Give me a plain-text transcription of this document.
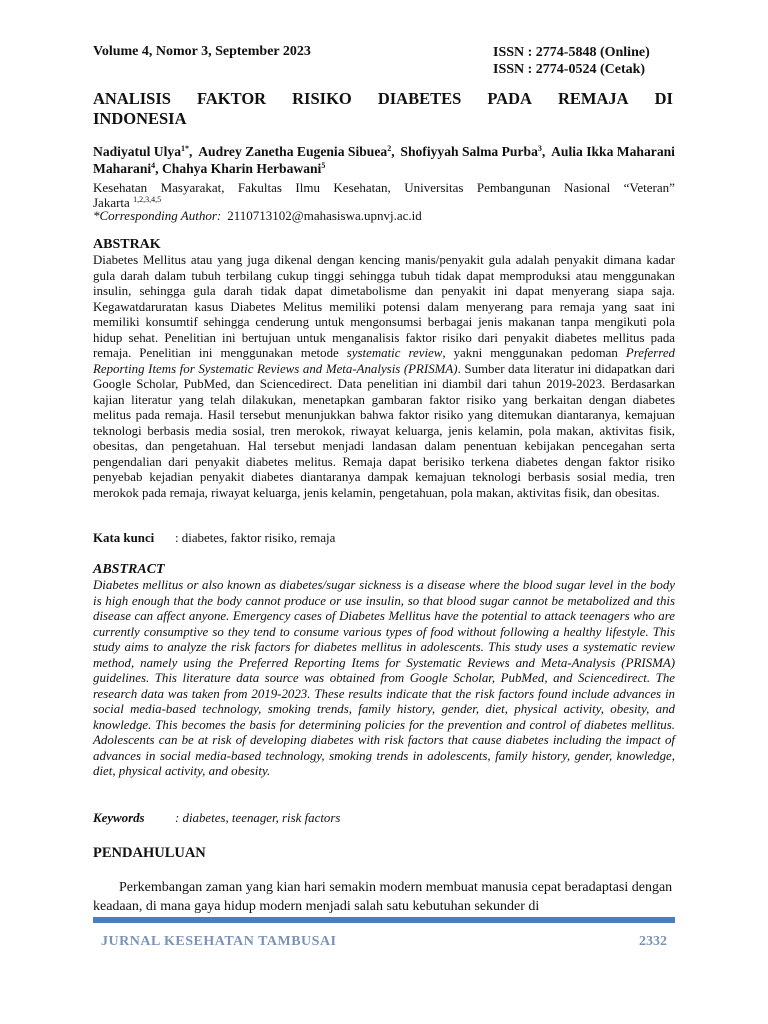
Volume 4, Nomor 3, September 2023	ISSN : 2774-5848 (Online)
ISSN : 2774-0524 (Cetak)
ANALISIS FAKTOR RISIKO DIABETES PADA REMAJA DI
INDONESIA
Nadiyatul Ulya$^{1*}$, Audrey Zanetha Eugenia Sibuea$^2$, Shofiyyah Salma Purba$^3$, Aulia Ikka Maharani
Maharani$^4$, Chahya Kharin Herbawani$^5$
Kesehatan Masyarakat, Fakultas Ilmu Kesehatan, Universitas Pembangunan Nasional “Veteran”
Jakarta $^{1,2,3,4,5}$
*Corresponding Author: 2110713102@mahasiswa.upnvj.ac.id
ABSTRAK

Diabetes Mellitus atau yang juga dikenal dengan kencing manis/penyakit gula adalah penyakit dimana kadar gula darah dalam tubuh terbilang cukup tinggi sehingga tubuh tidak dapat memproduksi atau menggunakan insulin, sehingga gula darah tidak dapat dimetabolisme dan penyakit ini dapat menyerang siapa saja. Kegawatdaruratan kasus Diabetes Melitus memiliki potensi dalam menyerang para remaja yang saat ini memiliki konsumtif sehingga cenderung untuk mengonsumsi berbagai jenis makanan tanpa mengikuti pola hidup sehat. Penelitian ini bertujuan untuk menganalisis faktor risiko dari penyakit diabetes mellitus pada remaja. Penelitian ini menggunakan metode systematic review, yakni menggunakan pedoman Preferred Reporting Items for Systematic Reviews and Meta-Analysis (PRISMA). Sumber data literatur ini didapatkan dari Google Scholar, PubMed, dan Sciencedirect. Data penelitian ini diambil dari tahun 2019-2023. Berdasarkan kajian literatur yang telah dilakukan, menetapkan gambaran faktor risiko yang berkaitan dengan diabetes melitus pada remaja. Hasil tersebut menunjukkan bahwa faktor risiko yang ditemukan diantaranya, kemajuan teknologi berbasis media sosial, tren merokok, riwayat keluarga, jenis kelamin, pola makan, aktivitas fisik, obesitas, dan pengetahuan. Hal tersebut menjadi landasan dalam penentuan kebijakan pencegahan serta pengendalian dari penyakit diabetes melitus. Remaja dapat berisiko terkena diabetes dengan faktor risiko penyebab kejadian penyakit diabetes diantaranya dampak kemajuan teknologi berbasis sosial media, tren merokok pada remaja, riwayat keluarga, jenis kelamin, pengetahuan, pola makan, aktivitas fisik, dan obesitas.

Kata kunci : diabetes, faktor risiko, remaja
ABSTRACT

Diabetes mellitus or also known as diabetes/sugar sickness is a disease where the blood sugar level in the body is high enough that the body cannot produce or use insulin, so that blood sugar cannot be metabolized and this disease can affect anyone. Emergency cases of Diabetes Mellitus have the potential to attack teenagers who are currently consumptive so they tend to consume various types of food without following a healthy lifestyle. This study aims to analyze the risk factors for diabetes mellitus in adolescents. This study uses a systematic review method, namely using the Preferred Reporting Items for Systematic Reviews and Meta-Analysis (PRISMA) guidelines. This literature data source was obtained from Google Scholar, PubMed, and Sciencedirect. The research data was taken from 2019-2023. These results indicate that the risk factors found include advances in social media-based technology, smoking trends, family history, gender, diet, physical activity, obesity, and knowledge. This becomes the basis for determining policies for the prevention and control of diabetes mellitus. Adolescents can be at risk of developing diabetes with risk factors that cause diabetes including the impact of advances in social media-based technology, smoking trends in adolescents, family history, gender, knowledge, diet, physical activity, and obesity.

Keywords : diabetes, teenager, risk factors
PENDAHULUAN
Perkembangan zaman yang kian hari semakin modern membuat manusia cepat beradaptasi dengan keadaan, di mana gaya hidup modern menjadi salah satu kebutuhan sekunder di
JURNAL KESEHATAN TAMBUSAI	2332
